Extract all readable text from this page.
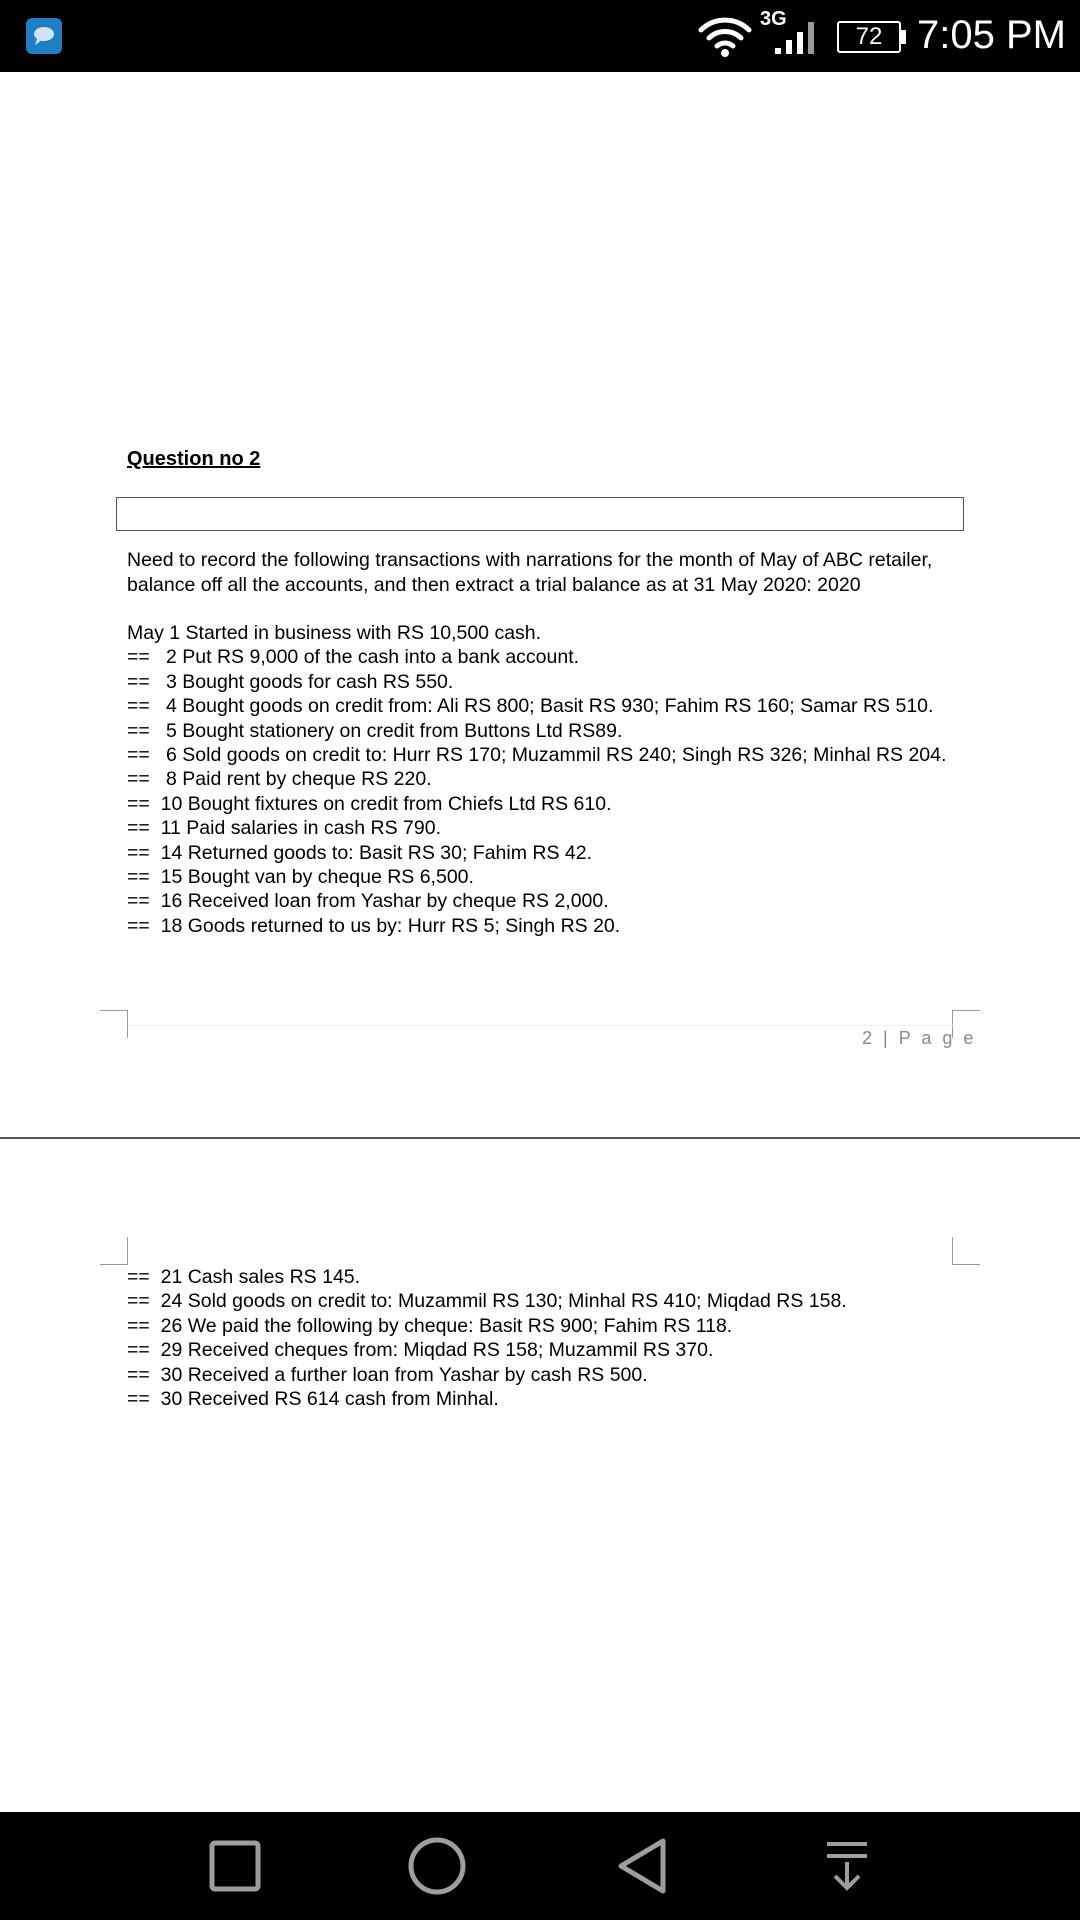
3G
72 7:05 PM
Question no 2
Need to record the following transactions with narrations for the month of May of ABC retailer, balance off all the accounts, and then extract a trial balance as at 31 May 2020: 2020
May 1 Started in business with RS 10,500 cash.
==   2 Put RS 9,000 of the cash into a bank account.
==   3 Bought goods for cash RS 550.
==   4 Bought goods on credit from: Ali RS 800; Basit RS 930; Fahim RS 160; Samar RS 510.
==   5 Bought stationery on credit from Buttons Ltd RS89.
==   6 Sold goods on credit to: Hurr RS 170; Muzammil RS 240; Singh RS 326; Minhal RS 204.
==   8 Paid rent by cheque RS 220.
==  10 Bought fixtures on credit from Chiefs Ltd RS 610.
==  11 Paid salaries in cash RS 790.
==  14 Returned goods to: Basit RS 30; Fahim RS 42.
==  15 Bought van by cheque RS 6,500.
==  16 Received loan from Yashar by cheque RS 2,000.
==  18 Goods returned to us by: Hurr RS 5; Singh RS 20.
2 | P a g e
==  21 Cash sales RS 145.
==  24 Sold goods on credit to: Muzammil RS 130; Minhal RS 410; Miqdad RS 158.
==  26 We paid the following by cheque: Basit RS 900; Fahim RS 118.
==  29 Received cheques from: Miqdad RS 158; Muzammil RS 370.
==  30 Received a further loan from Yashar by cash RS 500.
==  30 Received RS 614 cash from Minhal.
